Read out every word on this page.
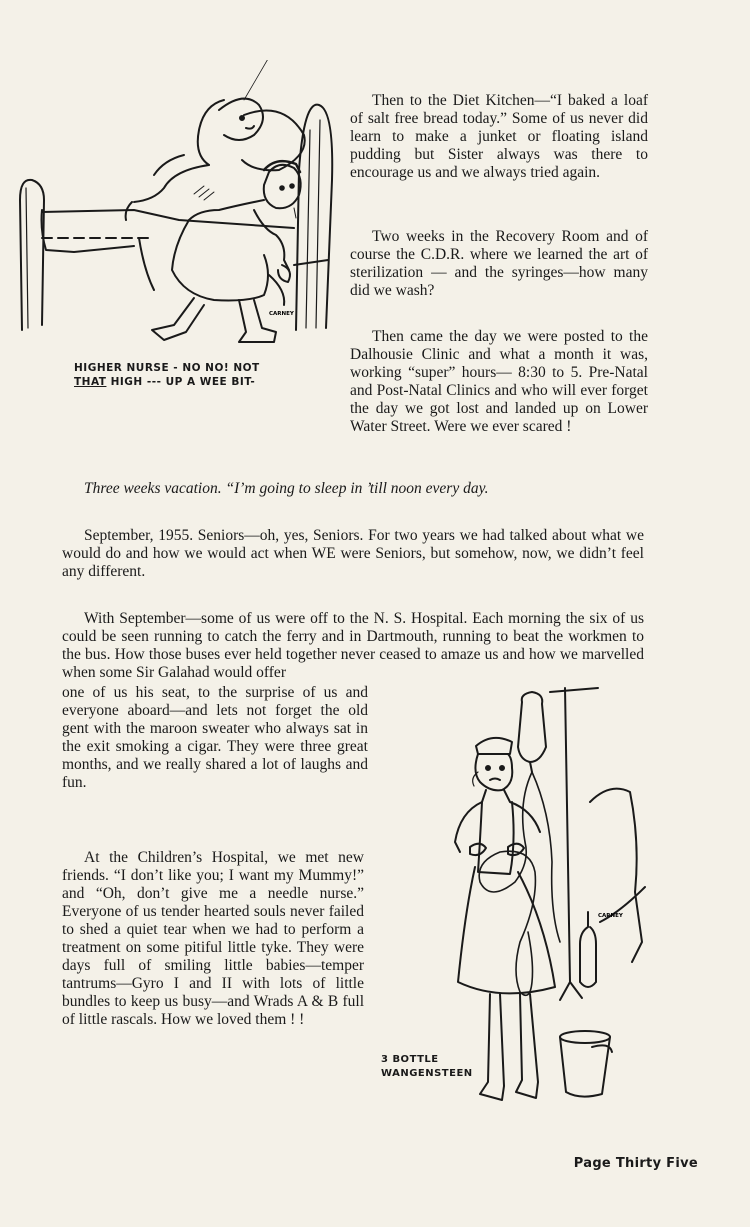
CARNEY

HIGHER NURSE - NO NO! NOT
THAT HIGH --- UP A WEE BIT-

Then to the Diet Kitchen—“I baked a loaf of salt free bread today.” Some of us never did learn to make a junket or floating island pudding but Sister always was there to encourage us and we always tried again.

Two weeks in the Recovery Room and of course the C.D.R. where we learned the art of sterilization — and the syringes—how many did we wash?

Then came the day we were posted to the Dalhousie Clinic and what a month it was, working “super” hours— 8:30 to 5. Pre-Natal and Post-Natal Clinics and who will ever forget the day we got lost and landed up on Lower Water Street. Were we ever scared !

Three weeks vacation. “I’m going to sleep in ’till noon every day.

September, 1955. Seniors—oh, yes, Seniors. For two years we had talked about what we would do and how we would act when WE were Seniors, but somehow, now, we didn’t feel any different.

With September—some of us were off to the N. S. Hospital. Each morning the six of us could be seen running to catch the ferry and in Dartmouth, running to beat the workmen to the bus. How those buses ever held together never ceased to amaze us and how we marvelled when some Sir Galahad would offer

one of us his seat, to the surprise of us and everyone aboard—and lets not forget the old gent with the maroon sweater who always sat in the exit smoking a cigar. They were three great months, and we really shared a lot of laughs and fun.

At the Children’s Hospital, we met new friends. “I don’t like you; I want my Mummy!” and “Oh, don’t give me a needle nurse.” Everyone of us tender hearted souls never failed to shed a quiet tear when we had to perform a treatment on some pitiful little tyke. They were days full of smiling little babies—temper tantrums—Gyro I and II with lots of little bundles to keep us busy—and Wrads A & B full of little rascals. How we loved them ! !

CARNEY

3 BOTTLE
WANGENSTEEN

Page Thirty Five
